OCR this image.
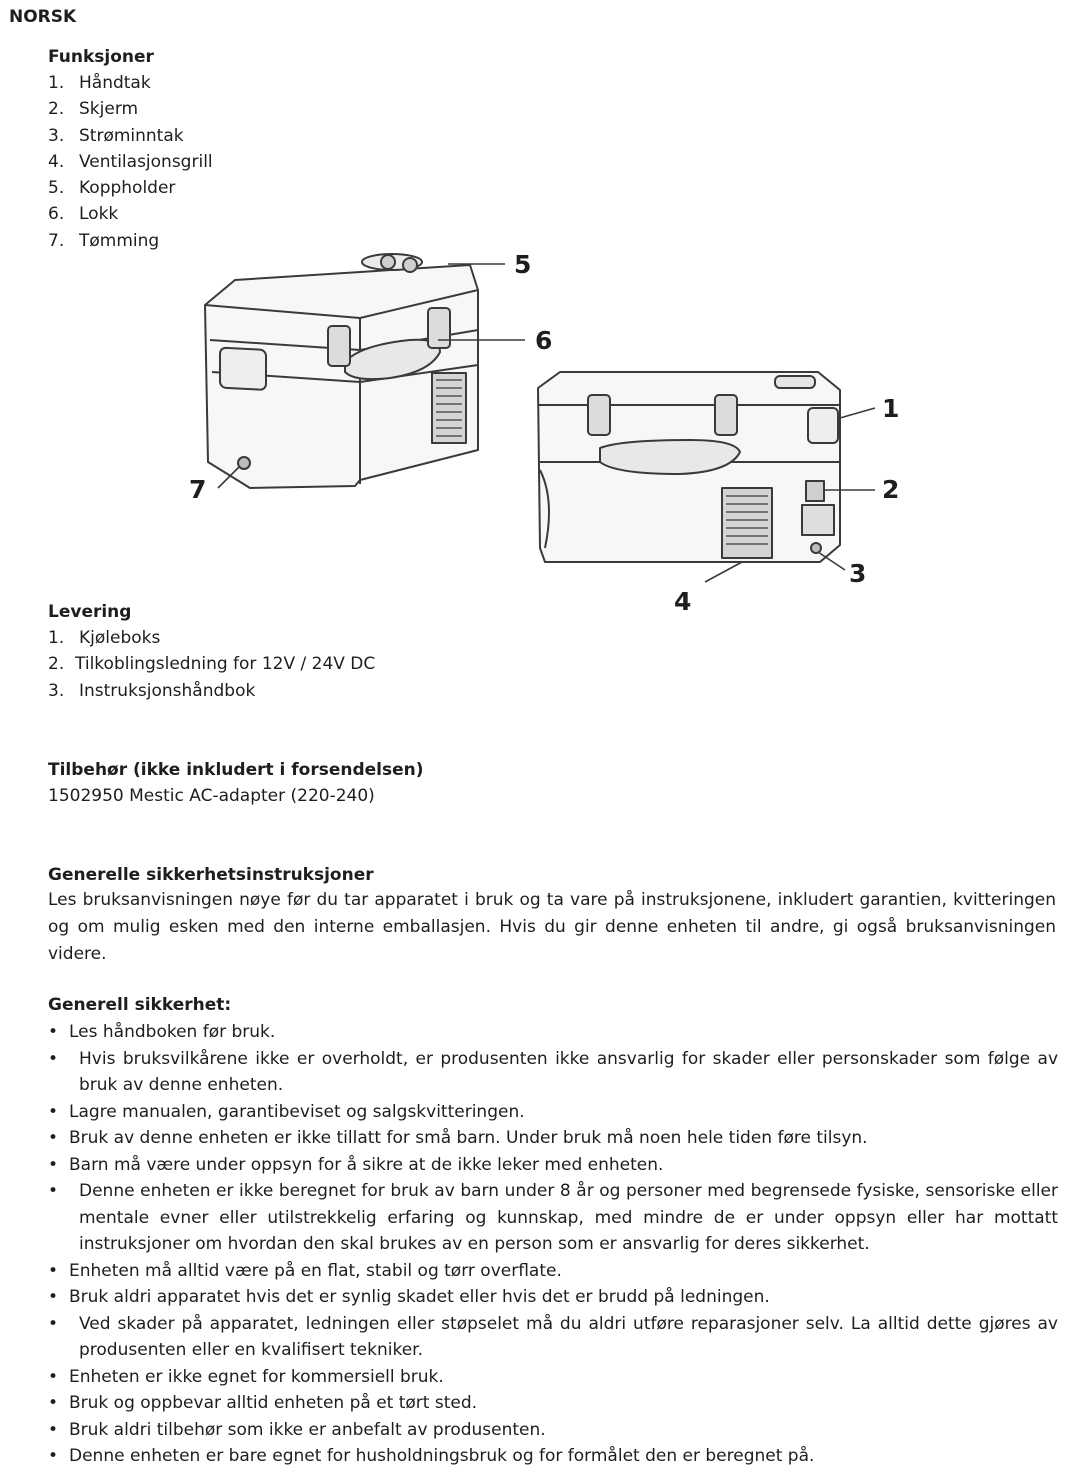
NORSK
Funksjoner
1. Håndtak
2. Skjerm
3. Strøminntak
4. Ventilasjonsgrill
5. Koppholder
6. Lokk
7. Tømming
5
6
1
2
3
4
7
Levering
1. Kjøleboks
2. Tilkoblingsledning for 12V / 24V DC
3. Instruksjonshåndbok
Tilbehør (ikke inkludert i forsendelsen)
1502950 Mestic AC-adapter (220-240)
Generelle sikkerhetsinstruksjoner
Les bruksanvisningen nøye før du tar apparatet i bruk og ta vare på instruksjonene, inkludert garantien, kvitteringen og om mulig esken med den interne emballasjen. Hvis du gir denne enheten til andre, gi også bruksanvisningen videre.
Generell sikkerhet:
• Les håndboken før bruk.
• Hvis bruksvilkårene ikke er overholdt, er produsenten ikke ansvarlig for skader eller personskader som følge av bruk av denne enheten.
• Lagre manualen, garantibeviset og salgskvitteringen.
• Bruk av denne enheten er ikke tillatt for små barn. Under bruk må noen hele tiden føre tilsyn.
• Barn må være under oppsyn for å sikre at de ikke leker med enheten.
• Denne enheten er ikke beregnet for bruk av barn under 8 år og personer med begrensede fysiske, sensoriske eller mentale evner eller utilstrekkelig erfaring og kunnskap, med mindre de er under oppsyn eller har mottatt instruksjoner om hvordan den skal brukes av en person som er ansvarlig for deres sikkerhet.
• Enheten må alltid være på en flat, stabil og tørr overflate.
• Bruk aldri apparatet hvis det er synlig skadet eller hvis det er brudd på ledningen.
• Ved skader på apparatet, ledningen eller støpselet må du aldri utføre reparasjoner selv. La alltid dette gjøres av produsenten eller en kvalifisert tekniker.
• Enheten er ikke egnet for kommersiell bruk.
• Bruk og oppbevar alltid enheten på et tørt sted.
• Bruk aldri tilbehør som ikke er anbefalt av produsenten.
• Denne enheten er bare egnet for husholdningsbruk og for formålet den er beregnet på.
